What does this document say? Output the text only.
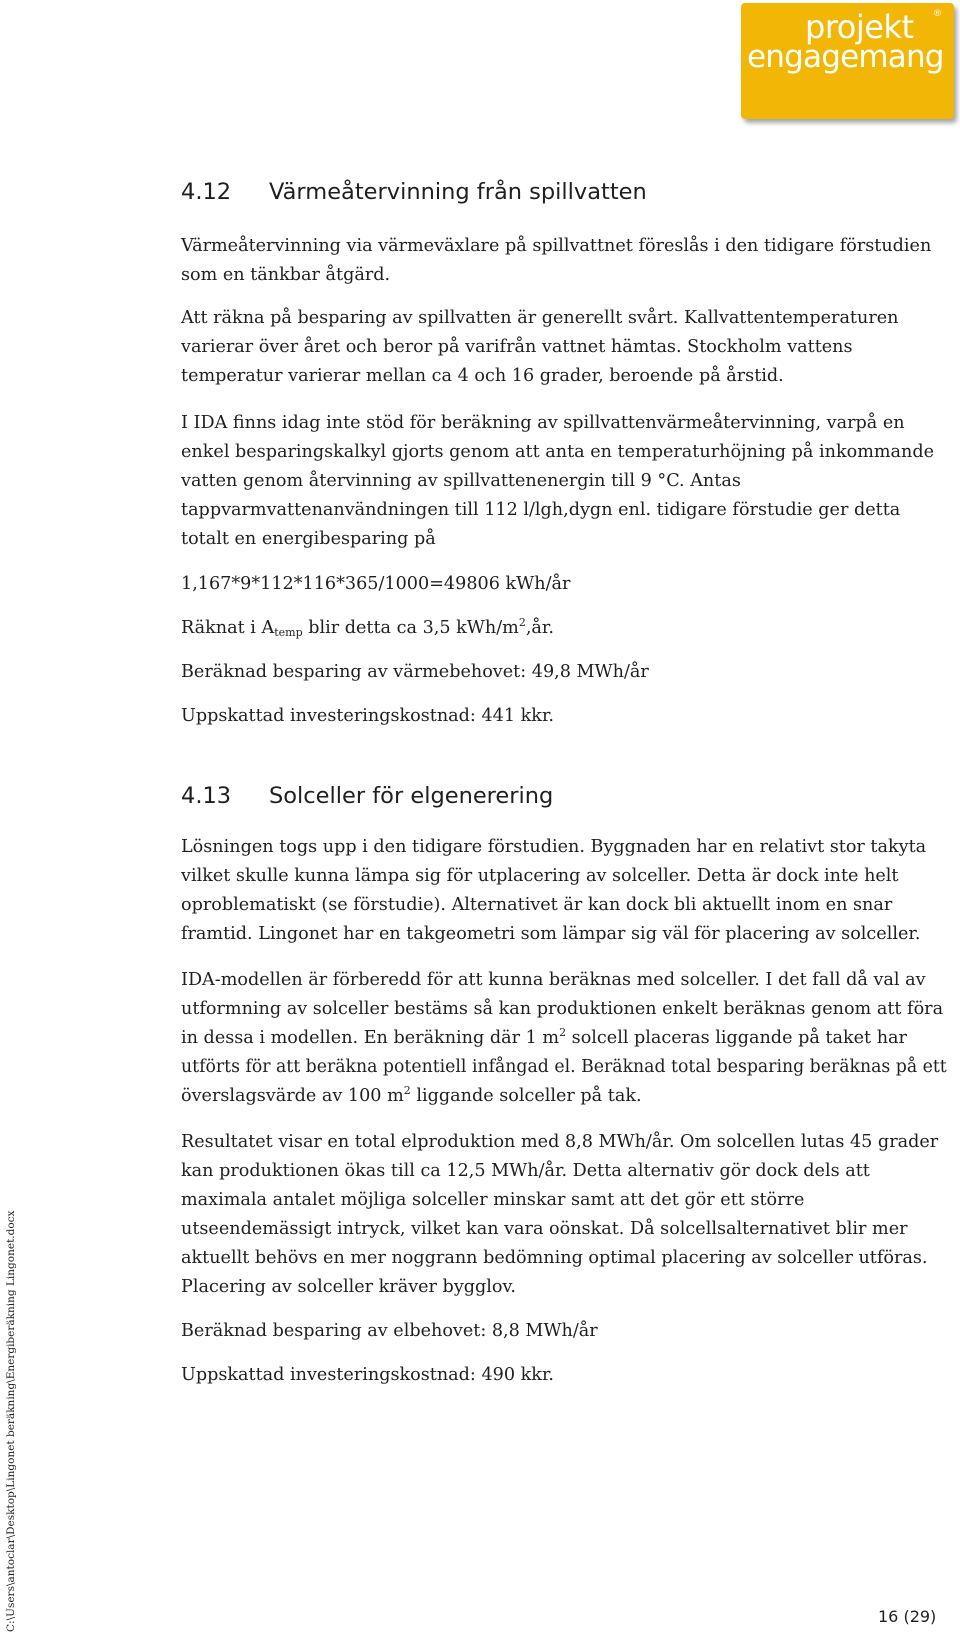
projekt ®
engagemang
4.12 Värmeåtervinning från spillvatten

Värmeåtervinning via värmeväxlare på spillvattnet föreslås i den tidigare förstudien

som en tänkbar åtgärd.

Att räkna på besparing av spillvatten är generellt svårt. Kallvattentemperaturen

varierar över året och beror på varifrån vattnet hämtas. Stockholm vattens

temperatur varierar mellan ca 4 och 16 grader, beroende på årstid.

I IDA finns idag inte stöd för beräkning av spillvattenvärmeåtervinning, varpå en

enkel besparingskalkyl gjorts genom att anta en temperaturhöjning på inkommande

vatten genom återvinning av spillvattenenergin till 9 °C. Antas

tappvarmvattenanvändningen till 112 l/lgh,dygn enl. tidigare förstudie ger detta

totalt en energibesparing på

1,167*9*112*116*365/1000=49806 kWh/år

Räknat i $A_{temp}$ blir detta ca 3,5 kWh/$m^2,år$.

Beräknad besparing av värmebehovet: 49,8 MWh/år

Uppskattad investeringskostnad: 441 kkr.

4.13 Solceller för elgenerering

Lösningen togs upp i den tidigare förstudien. Byggnaden har en relativt stor takyta

vilket skulle kunna lämpa sig för utplacering av solceller. Detta är dock inte helt

oproblematiskt (se förstudie). Alternativet är kan dock bli aktuellt inom en snar

framtid. Lingonet har en takgeometri som lämpar sig väl för placering av solceller.

IDA-modellen är förberedd för att kunna beräknas med solceller. I det fall då val av

utformning av solceller bestäms så kan produktionen enkelt beräknas genom att föra

in dessa i modellen. En beräkning där 1 $m^2$ solcell placeras liggande på taket har

utförts för att beräkna potentiell infångad el. Beräknad total besparing beräknas på ett

överslagsvärde av 100 $m^2$ liggande solceller på tak.

Resultatet visar en total elproduktion med 8,8 MWh/år. Om solcellen lutas 45 grader

kan produktionen ökas till ca 12,5 MWh/år. Detta alternativ gör dock dels att

maximala antalet möjliga solceller minskar samt att det gör ett större

utseendemässigt intryck, vilket kan vara oönskat. Då solcellsalternativet blir mer

aktuellt behövs en mer noggrann bedömning optimal placering av solceller utföras.

Placering av solceller kräver bygglov.

Beräknad besparing av elbehovet: 8,8 MWh/år

Uppskattad investeringskostnad: 490 kkr.

C:\Users\antoclar\Desktop\Lingonet beräkning\Energiberäkning Lingonet.docx	16 (29)
